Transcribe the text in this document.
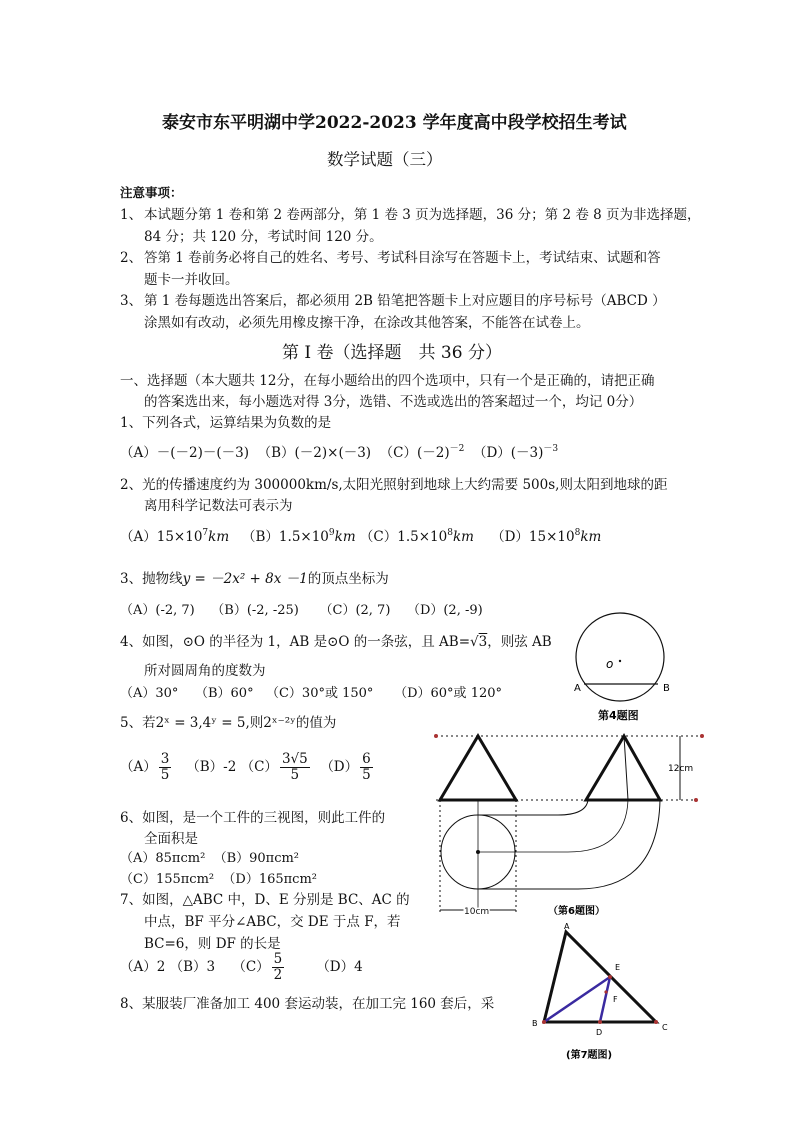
泰安市东平明湖中学2022-2023 学年度高中段学校招生考试
数学试题（三）
注意事项：
1、 本试题分第 1 卷和第 2 卷两部分，第 1 卷 3 页为选择题，36 分；第 2 卷 8 页为非选择题，
84 分；共 120 分，考试时间 120 分。
2、 答第 1 卷前务必将自己的姓名、考号、考试科目涂写在答题卡上，考试结束、试题和答
题卡一并收回。
3、 第 1 卷每题选出答案后，都必须用 2B 铅笔把答题卡上对应题目的序号标号（ABCD ）
涂黑如有改动，必须先用橡皮擦干净，在涂改其他答案，不能答在试卷上。
第 I 卷（选择题　共 36 分）
一、选择题（本大题共 12分，在每小题给出的四个选项中，只有一个是正确的，请把正确
的答案选出来，每小题选对得 3分，选错、不选或选出的答案超过一个，均记 0分）
1、下列各式，运算结果为负数的是
（A）－(－2)－(－3) （B）(－2)×(－3) $(C)(-2)^{-2}$ $(D)(-3)^{-3}$
2、光的传播速度约为 300000km/s,太阳光照射到地球上大约需要 500s,则太阳到地球的距
离用科学记数法可表示为
$(A)15\times 10^7km$ $(B)1.5\times 10^9km$ $(C)1.5\times 10^8km$ $(D)15\times 10^8km$
3、抛物线y = －2x² + 8x －1的顶点坐标为
（A）(-2, 7) （B）(-2, -25) （C）(2, 7) （D）(2, -9)
4、如图，⊙O 的半径为 1，AB 是⊙O 的一条弦，且 AB=√3，则弦 AB
所对圆周角的度数为
（A）30° （B）60° （C）30°或 150° （D）60°或 120°
o
A	B
第4题图
5、若2ˣ = 3,4ʸ = 5,则2ˣ⁻²ʸ的值为
$(A) \frac{3}{5} (B)-2$ $(C) \frac{3√5}{5} (D) \frac{6}{5}$
6、如图，是一个工件的三视图，则此工件的
全面积是
（A）85πcm² （B）90πcm²
（C）155πcm² （D）165πcm²
12cm
10cm	（第6题图）
7、如图，△ABC 中，D、E 分别是 BC、AC 的
中点，BF 平分∠ABC，交 DE 于点 F，若
BC=6，则 DF 的长是
（A）2 （B）3 $(C) \frac{5}{2} (D)4$
A
B	C
D
E
F
(第7题图)
8、某服装厂准备加工 400 套运动装，在加工完 160 套后，采
